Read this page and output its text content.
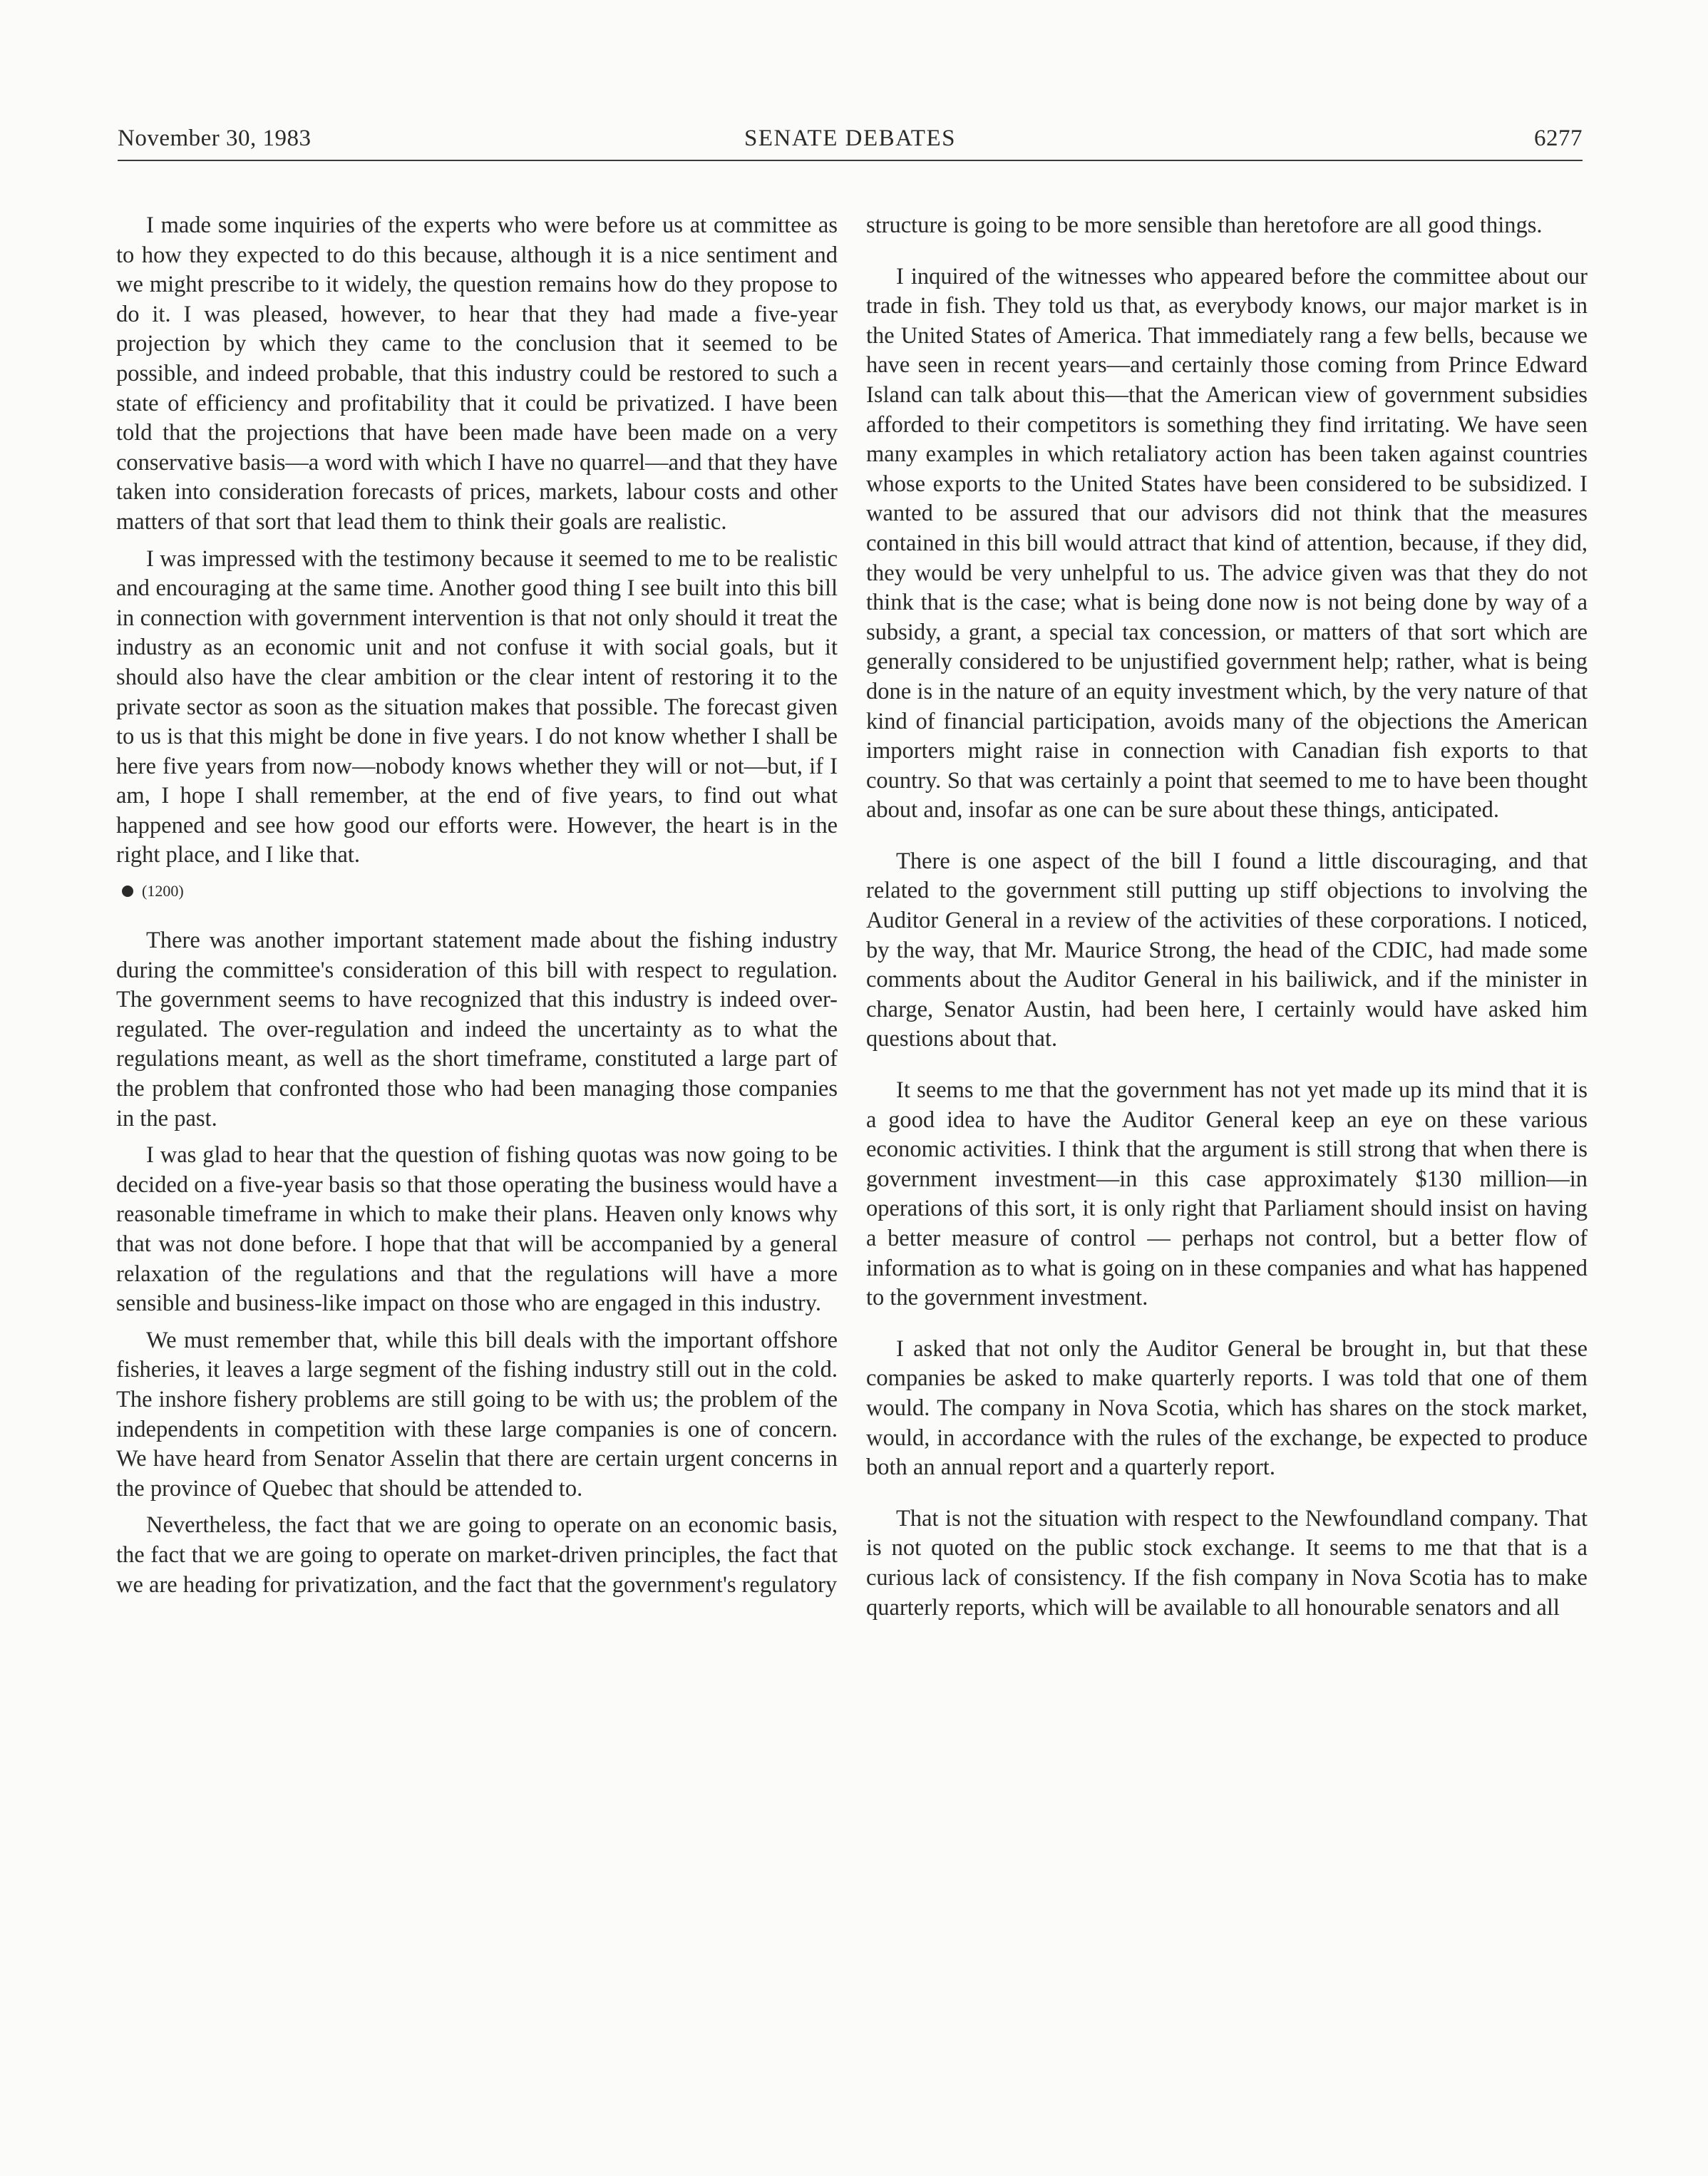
November 30, 1983	SENATE DEBATES	6277

I made some inquiries of the experts who were before us at committee as to how they expected to do this because, although it is a nice sentiment and we might prescribe to it widely, the question remains how do they propose to do it. I was pleased, however, to hear that they had made a five-year projection by which they came to the conclusion that it seemed to be possible, and indeed probable, that this industry could be restored to such a state of efficiency and profitability that it could be privatized. I have been told that the projections that have been made have been made on a very conservative basis—a word with which I have no quarrel—and that they have taken into consideration forecasts of prices, markets, labour costs and other matters of that sort that lead them to think their goals are realistic.

I was impressed with the testimony because it seemed to me to be realistic and encouraging at the same time. Another good thing I see built into this bill in connection with government intervention is that not only should it treat the industry as an economic unit and not confuse it with social goals, but it should also have the clear ambition or the clear intent of restoring it to the private sector as soon as the situation makes that possible. The forecast given to us is that this might be done in five years. I do not know whether I shall be here five years from now—nobody knows whether they will or not—but, if I am, I hope I shall remember, at the end of five years, to find out what happened and see how good our efforts were. However, the heart is in the right place, and I like that.

(1200)

There was another important statement made about the fishing industry during the committee's consideration of this bill with respect to regulation. The government seems to have recognized that this industry is indeed over-regulated. The over-regulation and indeed the uncertainty as to what the regulations meant, as well as the short timeframe, constituted a large part of the problem that confronted those who had been managing those companies in the past.

I was glad to hear that the question of fishing quotas was now going to be decided on a five-year basis so that those operating the business would have a reasonable timeframe in which to make their plans. Heaven only knows why that was not done before. I hope that that will be accompanied by a general relaxation of the regulations and that the regulations will have a more sensible and business-like impact on those who are engaged in this industry.

We must remember that, while this bill deals with the important offshore fisheries, it leaves a large segment of the fishing industry still out in the cold. The inshore fishery problems are still going to be with us; the problem of the independents in competition with these large companies is one of concern. We have heard from Senator Asselin that there are certain urgent concerns in the province of Quebec that should be attended to.

Nevertheless, the fact that we are going to operate on an economic basis, the fact that we are going to operate on market-driven principles, the fact that we are heading for privatization, and the fact that the government's regulatory

structure is going to be more sensible than heretofore are all good things.

I inquired of the witnesses who appeared before the committee about our trade in fish. They told us that, as everybody knows, our major market is in the United States of America. That immediately rang a few bells, because we have seen in recent years—and certainly those coming from Prince Edward Island can talk about this—that the American view of government subsidies afforded to their competitors is something they find irritating. We have seen many examples in which retaliatory action has been taken against countries whose exports to the United States have been considered to be subsidized. I wanted to be assured that our advisors did not think that the measures contained in this bill would attract that kind of attention, because, if they did, they would be very unhelpful to us. The advice given was that they do not think that is the case; what is being done now is not being done by way of a subsidy, a grant, a special tax concession, or matters of that sort which are generally considered to be unjustified government help; rather, what is being done is in the nature of an equity investment which, by the very nature of that kind of financial participation, avoids many of the objections the American importers might raise in connection with Canadian fish exports to that country. So that was certainly a point that seemed to me to have been thought about and, insofar as one can be sure about these things, anticipated.

There is one aspect of the bill I found a little discouraging, and that related to the government still putting up stiff objections to involving the Auditor General in a review of the activities of these corporations. I noticed, by the way, that Mr. Maurice Strong, the head of the CDIC, had made some comments about the Auditor General in his bailiwick, and if the minister in charge, Senator Austin, had been here, I certainly would have asked him questions about that.

It seems to me that the government has not yet made up its mind that it is a good idea to have the Auditor General keep an eye on these various economic activities. I think that the argument is still strong that when there is government investment—in this case approximately $130 million—in operations of this sort, it is only right that Parliament should insist on having a better measure of control — perhaps not control, but a better flow of information as to what is going on in these companies and what has happened to the government investment.

I asked that not only the Auditor General be brought in, but that these companies be asked to make quarterly reports. I was told that one of them would. The company in Nova Scotia, which has shares on the stock market, would, in accordance with the rules of the exchange, be expected to produce both an annual report and a quarterly report.

That is not the situation with respect to the Newfoundland company. That is not quoted on the public stock exchange. It seems to me that that is a curious lack of consistency. If the fish company in Nova Scotia has to make quarterly reports, which will be available to all honourable senators and all
